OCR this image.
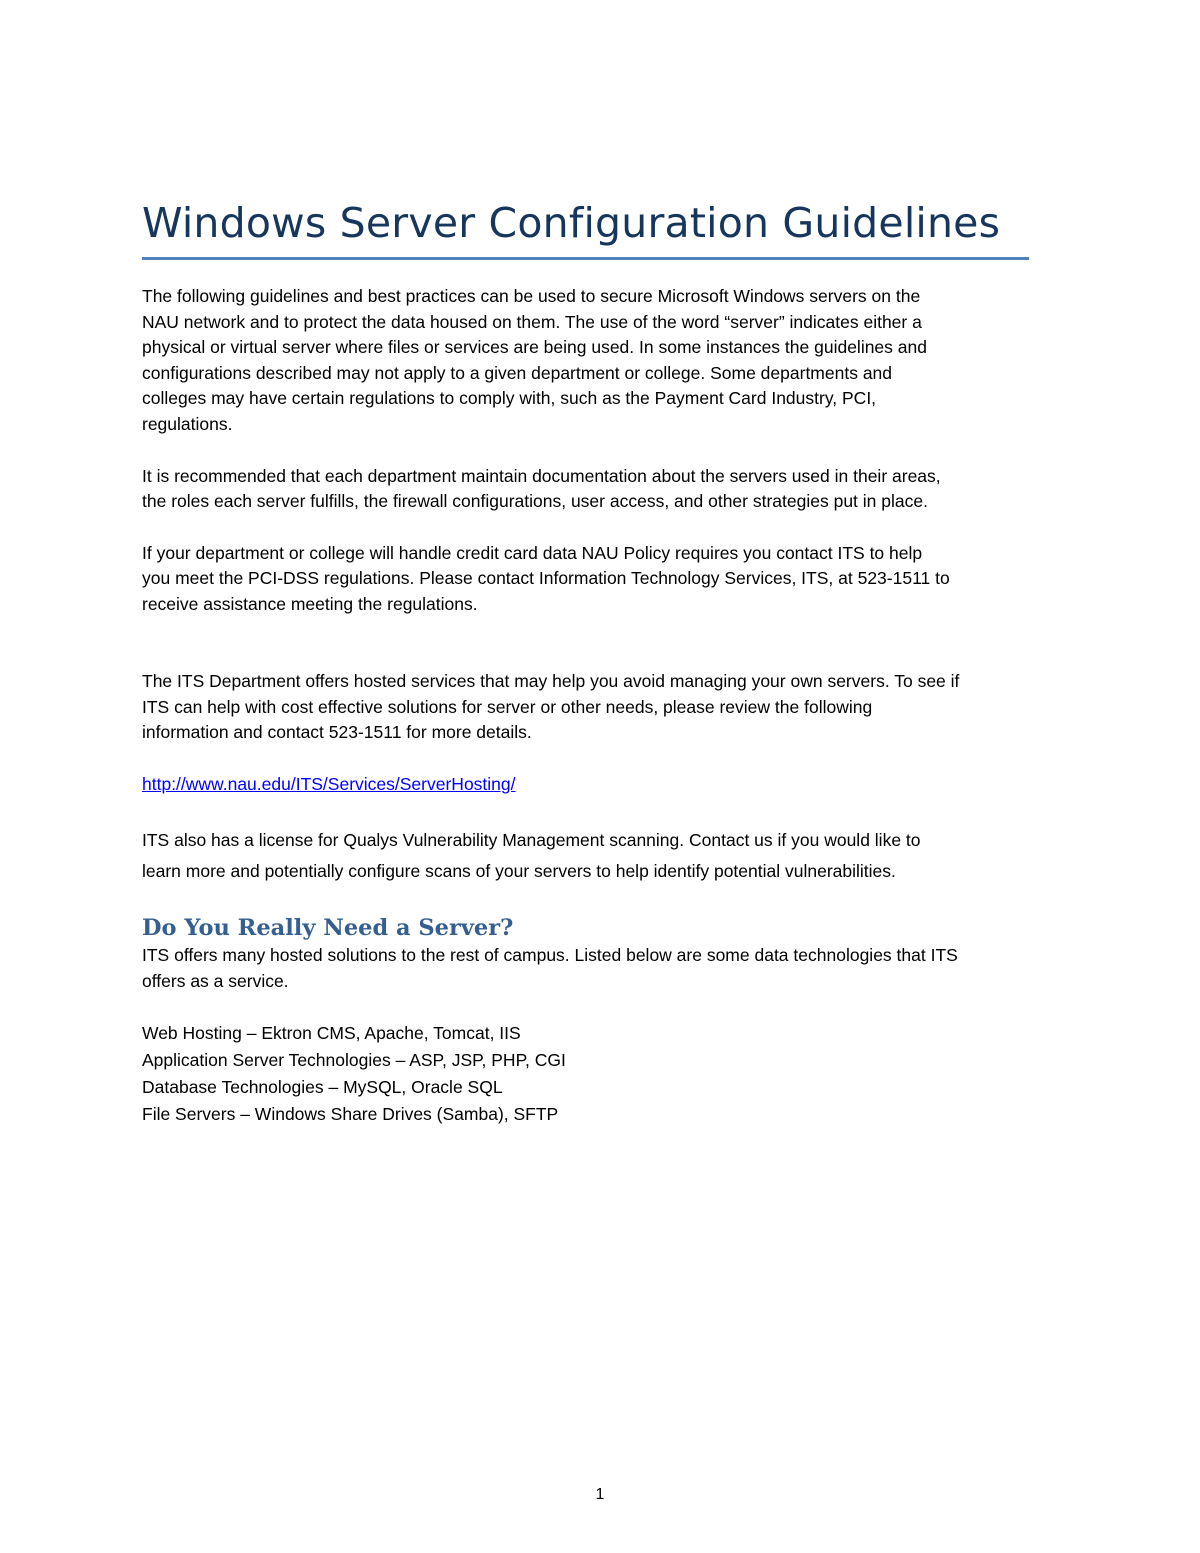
Windows Server Configuration Guidelines

The following guidelines and best practices can be used to secure Microsoft Windows servers on the
NAU network and to protect the data housed on them. The use of the word “server” indicates either a
physical or virtual server where files or services are being used. In some instances the guidelines and
configurations described may not apply to a given department or college. Some departments and
colleges may have certain regulations to comply with, such as the Payment Card Industry, PCI,
regulations.

It is recommended that each department maintain documentation about the servers used in their areas,
the roles each server fulfills, the firewall configurations, user access, and other strategies put in place.

If your department or college will handle credit card data NAU Policy requires you contact ITS to help
you meet the PCI-DSS regulations. Please contact Information Technology Services, ITS, at 523-1511 to
receive assistance meeting the regulations.

The ITS Department offers hosted services that may help you avoid managing your own servers. To see if
ITS can help with cost effective solutions for server or other needs, please review the following
information and contact 523-1511 for more details.

http://www.nau.edu/ITS/Services/ServerHosting/

ITS also has a license for Qualys Vulnerability Management scanning. Contact us if you would like to
learn more and potentially configure scans of your servers to help identify potential vulnerabilities.

Do You Really Need a Server?

ITS offers many hosted solutions to the rest of campus. Listed below are some data technologies that ITS
offers as a service.

Web Hosting – Ektron CMS, Apache, Tomcat, IIS
Application Server Technologies – ASP, JSP, PHP, CGI
Database Technologies – MySQL, Oracle SQL
File Servers – Windows Share Drives (Samba), SFTP
1
